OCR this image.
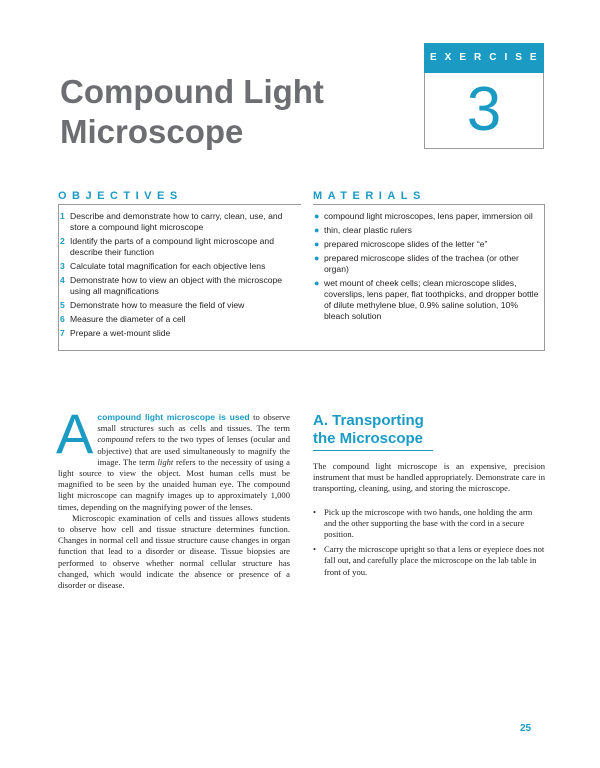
EXERCISE
3
Compound Light
Microscope
OBJECTIVES	MATERIALS
1 Describe and demonstrate how to carry, clean, use, and store a compound light microscope
2 Identify the parts of a compound light microscope and describe their function
3 Calculate total magnification for each objective lens
4 Demonstrate how to view an object with the microscope using all magnifications
5 Demonstrate how to measure the field of view
6 Measure the diameter of a cell
7 Prepare a wet-mount slide
● compound light microscopes, lens paper, immersion oil
● thin, clear plastic rulers
● prepared microscope slides of the letter “e”
● prepared microscope slides of the trachea (or other organ)
● wet mount of cheek cells; clean microscope slides, coverslips, lens paper, flat toothpicks, and dropper bottle of dilute methylene blue, 0.9% saline solution, 10% bleach solution

Acompound light microscope is used to observe small structures such as cells and tissues. The term compound refers to the two types of lenses (ocular and objective) that are used simultaneously to magnify the image. The term light refers to the necessity of using a light source to view the object. Most human cells must be magnified to be seen by the unaided human eye. The compound light microscope can magnify images up to approximately 1,000 times, depending on the magnifying power of the lenses.

Microscopic examination of cells and tissues allows students to observe how cell and tissue structure determines function. Changes in normal cell and tissue structure cause changes in organ function that lead to a disorder or disease. Tissue biopsies are performed to observe whether normal cellular structure has changed, which would indicate the absence or presence of a disorder or disease.

A. Transporting
the Microscope

The compound light microscope is an expensive, precision instrument that must be handled appropriately. Demonstrate care in transporting, cleaning, using, and storing the microscope.

• Pick up the microscope with two hands, one holding the arm and the other supporting the base with the cord in a secure position.
• Carry the microscope upright so that a lens or eyepiece does not fall out, and carefully place the microscope on the lab table in front of you.
25
